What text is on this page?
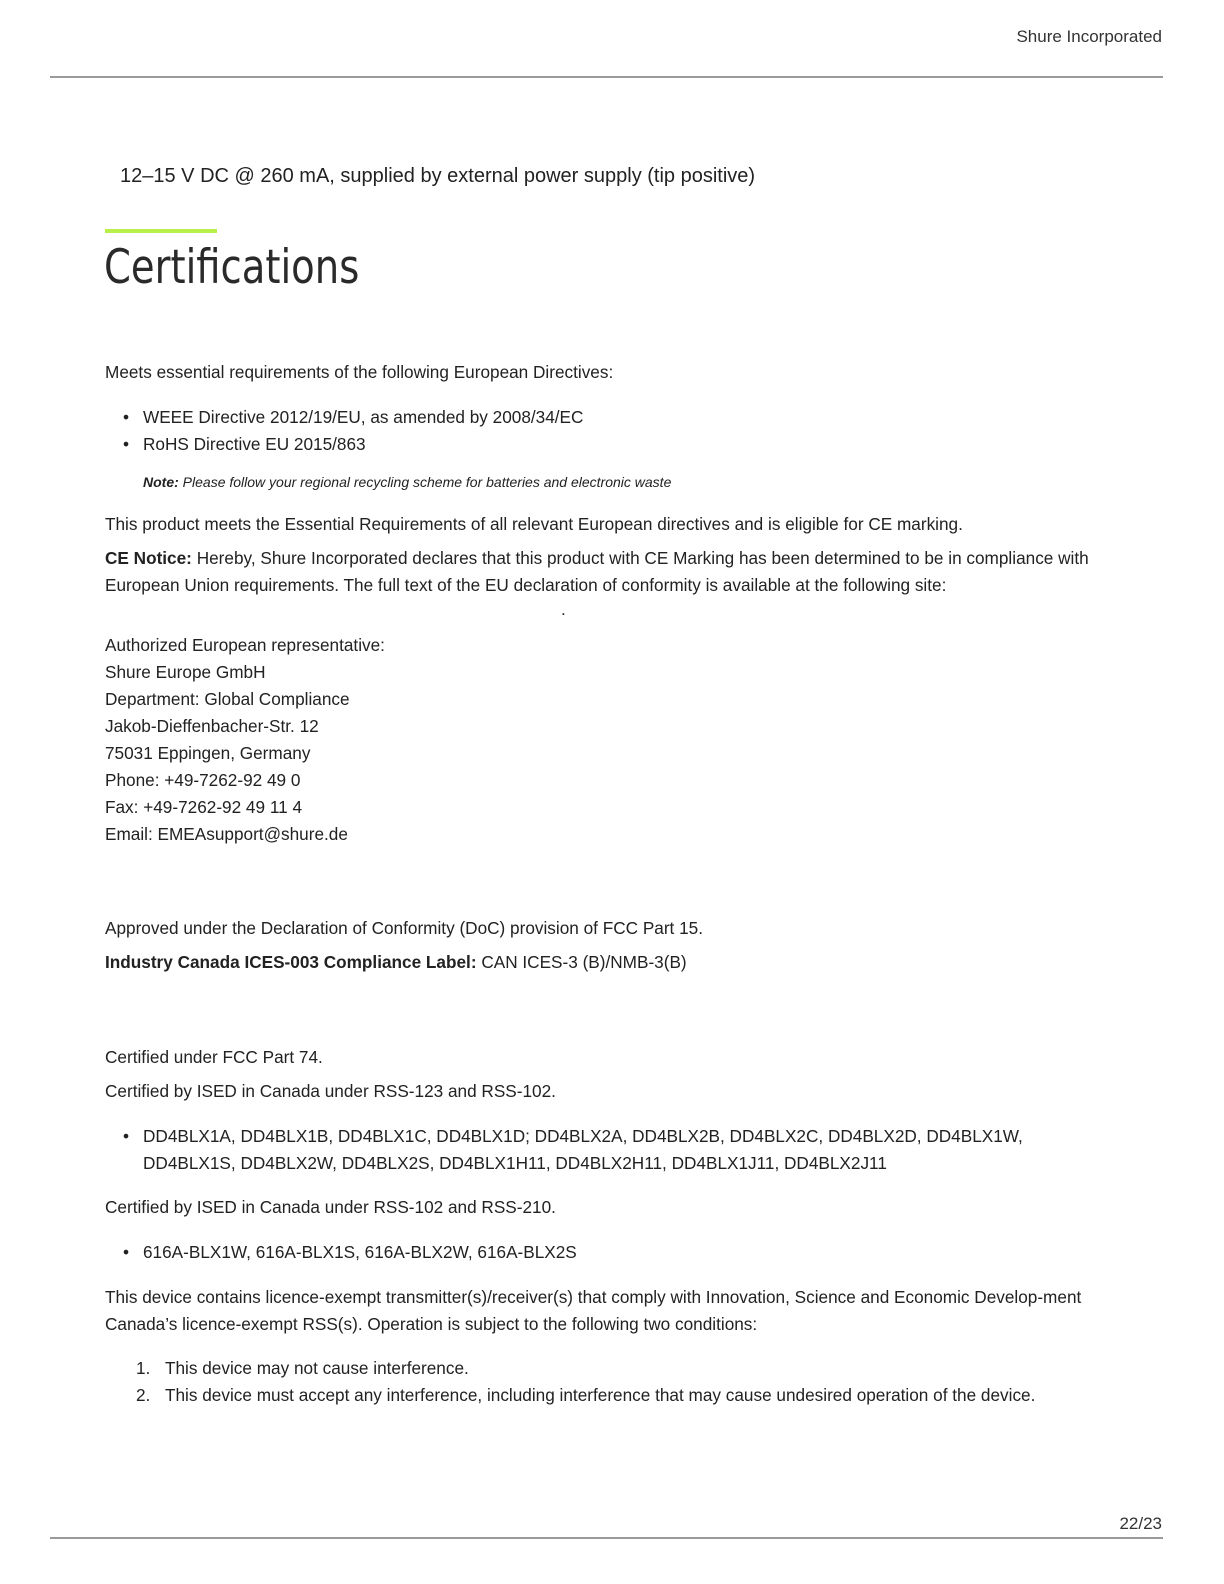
Shure Incorporated

12–15 V DC @ 260 mA, supplied by external power supply (tip positive)

Certifications

Meets essential requirements of the following European Directives:

• WEEE Directive 2012/19/EU, as amended by 2008/34/EC
• RoHS Directive EU 2015/863
Note: Please follow your regional recycling scheme for batteries and electronic waste

This product meets the Essential Requirements of all relevant European directives and is eligible for CE marking.

CE Notice: Hereby, Shure Incorporated declares that this product with CE Marking has been determined to be in compliance with European Union requirements. The full text of the EU declaration of conformity is available at the following site:

.
Authorized European representative:
Shure Europe GmbH
Department: Global Compliance
Jakob-Dieffenbacher-Str. 12
75031 Eppingen, Germany
Phone: +49-7262-92 49 0
Fax: +49-7262-92 49 11 4
Email: EMEAsupport@shure.de

Approved under the Declaration of Conformity (DoC) provision of FCC Part 15.

Industry Canada ICES-003 Compliance Label: CAN ICES-3 (B)/NMB-3(B)

Certified under FCC Part 74.

Certified by ISED in Canada under RSS-123 and RSS-102.

• DD4BLX1A, DD4BLX1B, DD4BLX1C, DD4BLX1D; DD4BLX2A, DD4BLX2B, DD4BLX2C, DD4BLX2D, DD4BLX1W, DD4BLX1S, DD4BLX2W, DD4BLX2S, DD4BLX1H11, DD4BLX2H11, DD4BLX1J11, DD4BLX2J11

Certified by ISED in Canada under RSS-102 and RSS-210.

• 616A-BLX1W, 616A-BLX1S, 616A-BLX2W, 616A-BLX2S

This device contains licence-exempt transmitter(s)/receiver(s) that comply with Innovation, Science and Economic Develop-ment Canada’s licence-exempt RSS(s). Operation is subject to the following two conditions:

1. This device may not cause interference.
2. This device must accept any interference, including interference that may cause undesired operation of the device.
22/23
